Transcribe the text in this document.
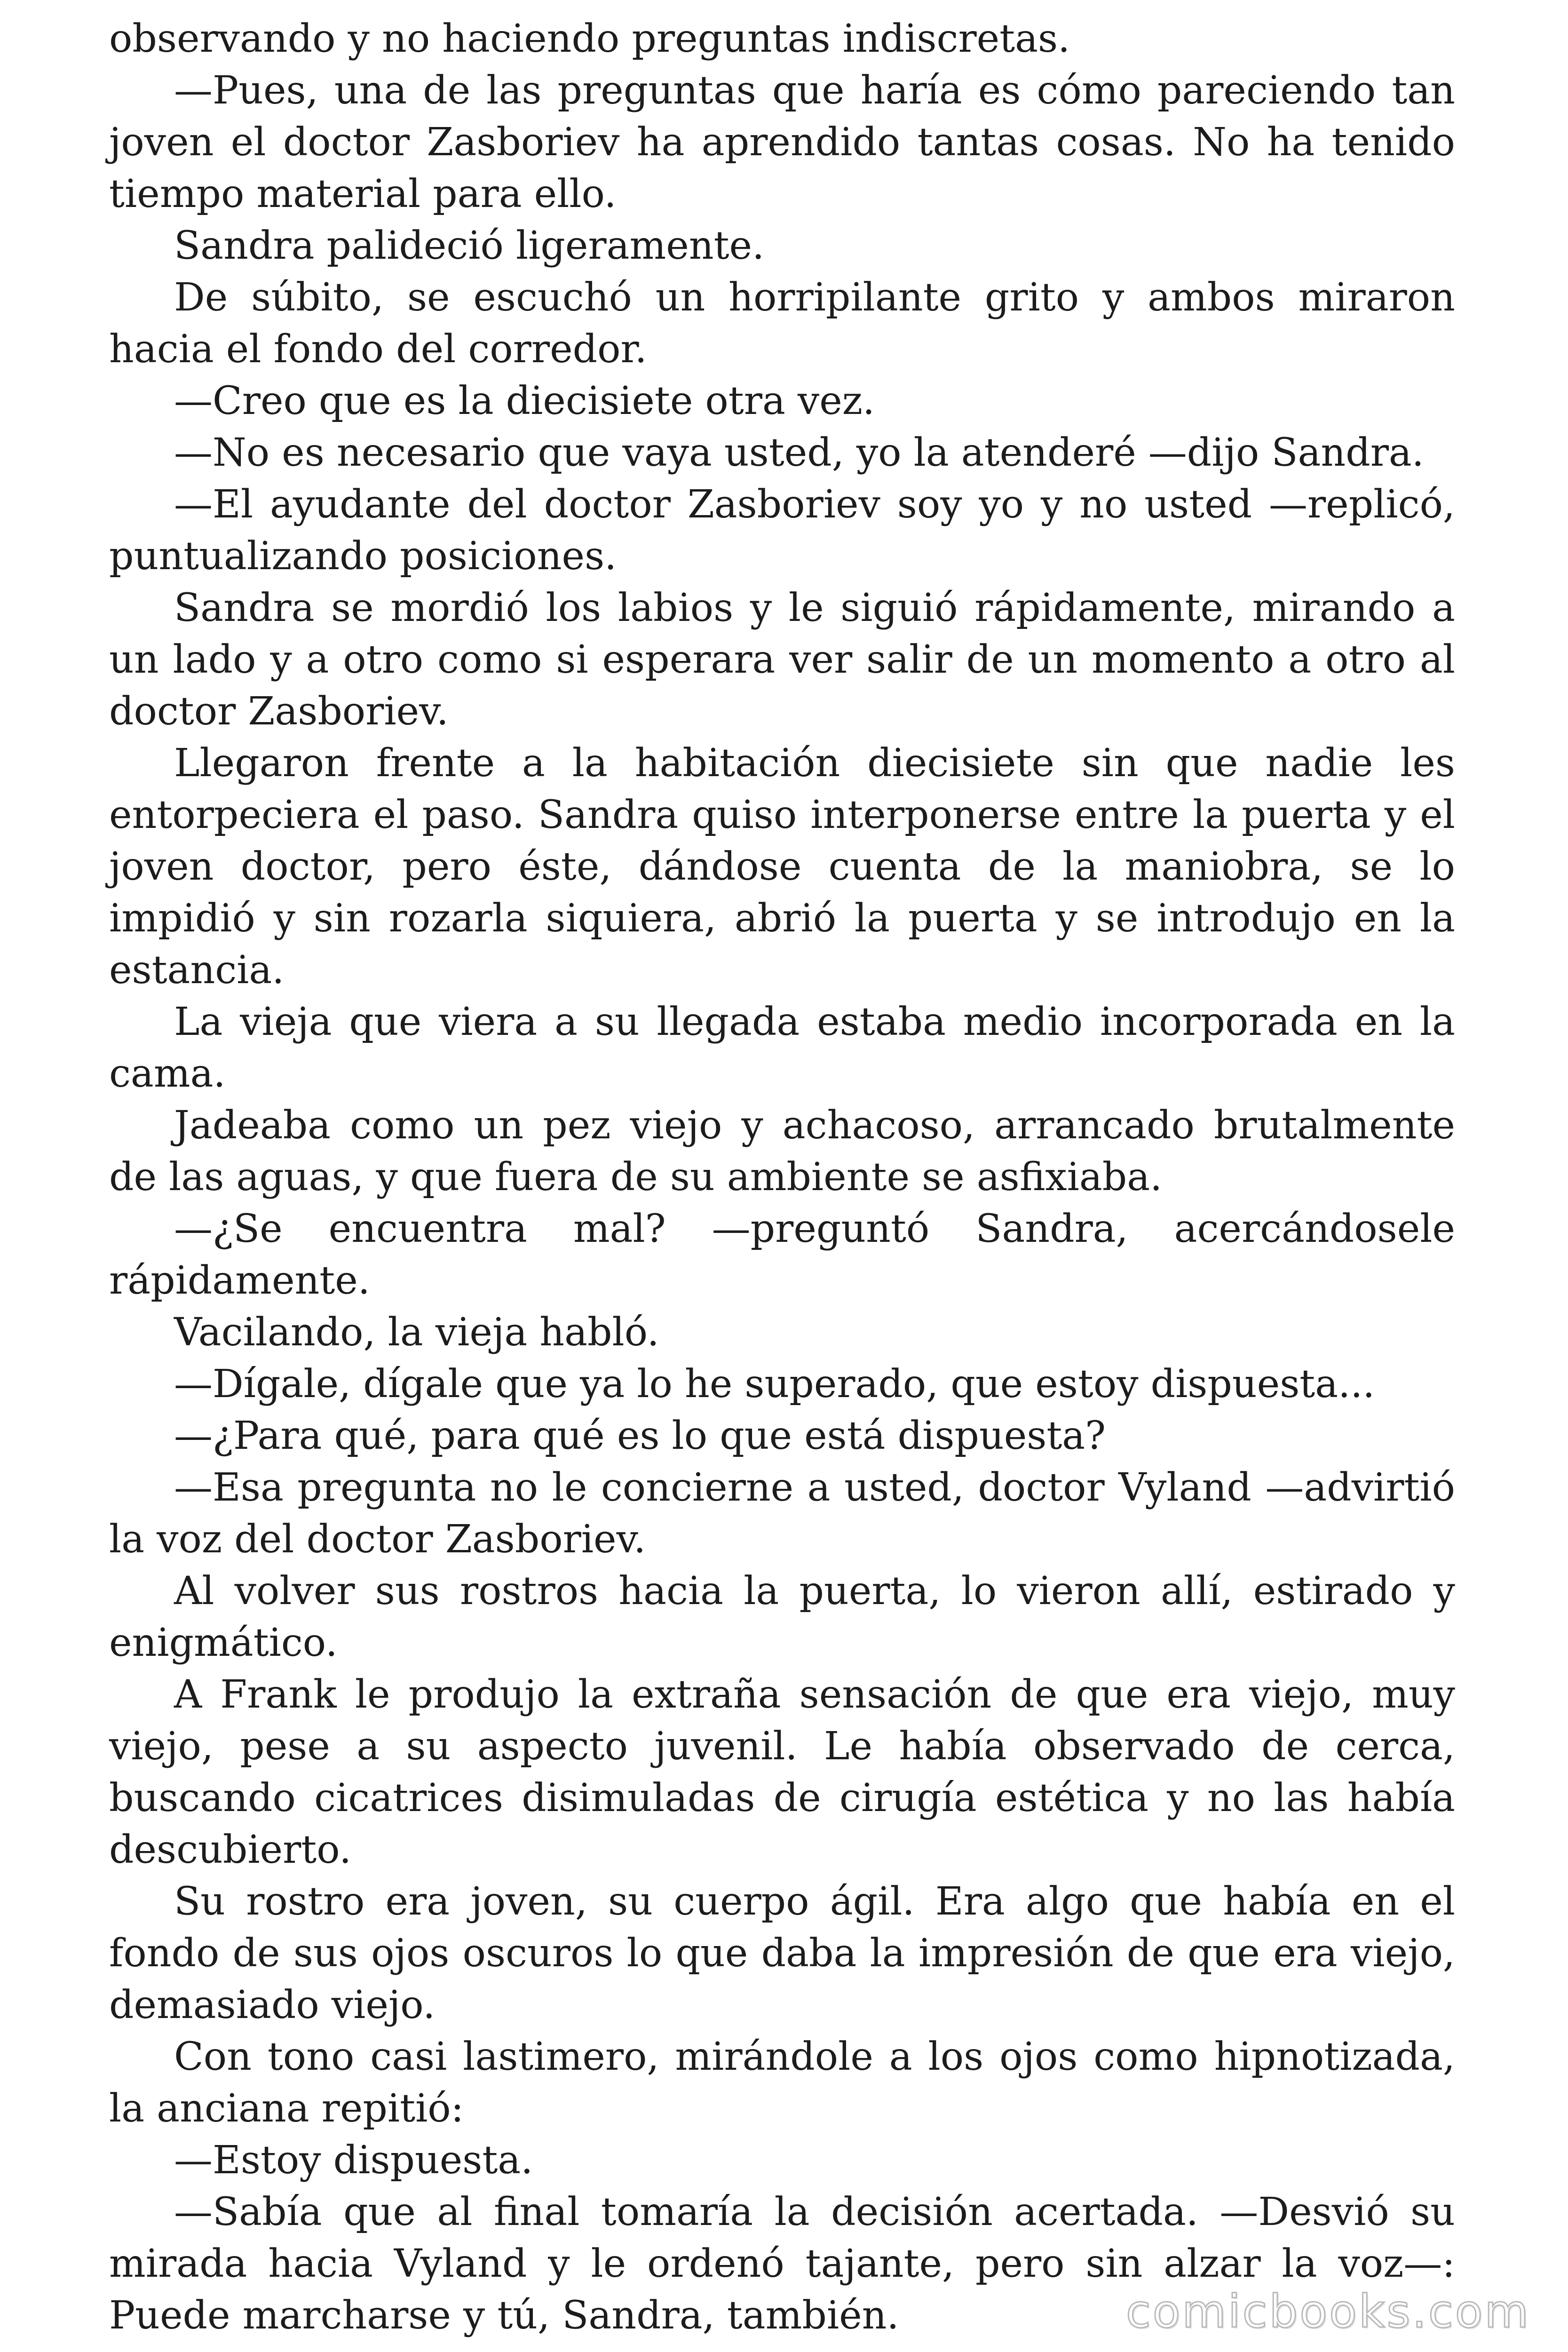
observando y no haciendo preguntas indiscretas.

—Pues, una de las preguntas que haría es cómo pareciendo tan joven el doctor Zasboriev ha aprendido tantas cosas. No ha tenido tiempo material para ello.

Sandra palideció ligeramente.

De súbito, se escuchó un horripilante grito y ambos miraron hacia el fondo del corredor.

—Creo que es la diecisiete otra vez.

—No es necesario que vaya usted, yo la atenderé —dijo Sandra.

—El ayudante del doctor Zasboriev soy yo y no usted —replicó, puntualizando posiciones.

Sandra se mordió los labios y le siguió rápidamente, mirando a un lado y a otro como si esperara ver salir de un momento a otro al doctor Zasboriev.

Llegaron frente a la habitación diecisiete sin que nadie les entorpeciera el paso. Sandra quiso interponerse entre la puerta y el joven doctor, pero éste, dándose cuenta de la maniobra, se lo impidió y sin rozarla siquiera, abrió la puerta y se introdujo en la estancia.

La vieja que viera a su llegada estaba medio incorporada en la cama.

Jadeaba como un pez viejo y achacoso, arrancado brutalmente de las aguas, y que fuera de su ambiente se asfixiaba.

—¿Se encuentra mal? —preguntó Sandra, acercándosele rápidamente.

Vacilando, la vieja habló.

—Dígale, dígale que ya lo he superado, que estoy dispuesta...

—¿Para qué, para qué es lo que está dispuesta?

—Esa pregunta no le concierne a usted, doctor Vyland —advirtió la voz del doctor Zasboriev.

Al volver sus rostros hacia la puerta, lo vieron allí, estirado y enigmático.

A Frank le produjo la extraña sensación de que era viejo, muy viejo, pese a su aspecto juvenil. Le había observado de cerca, buscando cicatrices disimuladas de cirugía estética y no las había descubierto.

Su rostro era joven, su cuerpo ágil. Era algo que había en el fondo de sus ojos oscuros lo que daba la impresión de que era viejo, demasiado viejo.

Con tono casi lastimero, mirándole a los ojos como hipnotizada, la anciana repitió:

—Estoy dispuesta.

—Sabía que al final tomaría la decisión acertada. —Desvió su mirada hacia Vyland y le ordenó tajante, pero sin alzar la voz—: Puede marcharse y tú, Sandra, también.	comicbooks.com
